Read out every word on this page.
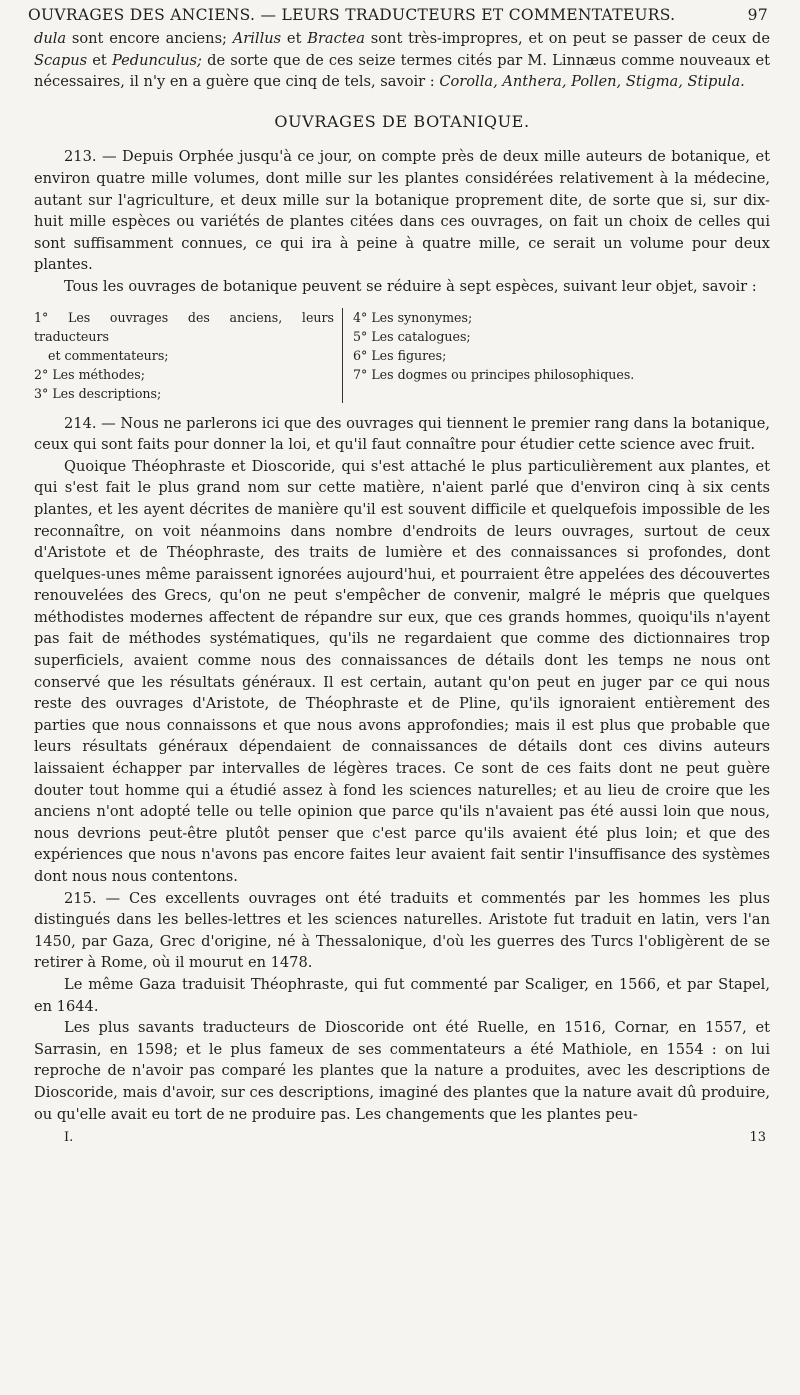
OUVRAGES DES ANCIENS. — LEURS TRADUCTEURS ET COMMENTATEURS.	97

dula sont encore anciens; Arillus et Bractea sont très-impropres, et on peut se passer de ceux de Scapus et Pedunculus; de sorte que de ces seize termes cités par M. Linnæus comme nouveaux et nécessaires, il n'y en a guère que cinq de tels, savoir : Corolla, Anthera, Pollen, Stigma, Stipula.

OUVRAGES DE BOTANIQUE.

213. — Depuis Orphée jusqu'à ce jour, on compte près de deux mille auteurs de botanique, et environ quatre mille volumes, dont mille sur les plantes considérées relativement à la médecine, autant sur l'agriculture, et deux mille sur la botanique proprement dite, de sorte que si, sur dix-huit mille espèces ou variétés de plantes citées dans ces ouvrages, on fait un choix de celles qui sont suffisamment connues, ce qui ira à peine à quatre mille, ce serait un volume pour deux plantes.

Tous les ouvrages de botanique peuvent se réduire à sept espèces, suivant leur objet, savoir :

1° Les ouvrages des anciens, leurs traducteurs
et commentateurs;
2° Les méthodes;
3° Les descriptions;
4° Les synonymes;
5° Les catalogues;
6° Les figures;
7° Les dogmes ou principes philosophiques.

214. — Nous ne parlerons ici que des ouvrages qui tiennent le premier rang dans la botanique, ceux qui sont faits pour donner la loi, et qu'il faut connaître pour étudier cette science avec fruit.

Quoique Théophraste et Dioscoride, qui s'est attaché le plus particulièrement aux plantes, et qui s'est fait le plus grand nom sur cette matière, n'aient parlé que d'environ cinq à six cents plantes, et les ayent décrites de manière qu'il est souvent difficile et quelquefois impossible de les reconnaître, on voit néanmoins dans nombre d'endroits de leurs ouvrages, surtout de ceux d'Aristote et de Théophraste, des traits de lumière et des connaissances si profondes, dont quelques-unes même paraissent ignorées aujourd'hui, et pourraient être appelées des découvertes renouvelées des Grecs, qu'on ne peut s'empêcher de convenir, malgré le mépris que quelques méthodistes modernes affectent de répandre sur eux, que ces grands hommes, quoiqu'ils n'ayent pas fait de méthodes systématiques, qu'ils ne regardaient que comme des dictionnaires trop superficiels, avaient comme nous des connaissances de détails dont les temps ne nous ont conservé que les résultats généraux. Il est certain, autant qu'on peut en juger par ce qui nous reste des ouvrages d'Aristote, de Théophraste et de Pline, qu'ils ignoraient entièrement des parties que nous connaissons et que nous avons approfondies; mais il est plus que probable que leurs résultats généraux dépendaient de connaissances de détails dont ces divins auteurs laissaient échapper par intervalles de légères traces. Ce sont de ces faits dont ne peut guère douter tout homme qui a étudié assez à fond les sciences naturelles; et au lieu de croire que les anciens n'ont adopté telle ou telle opinion que parce qu'ils n'avaient pas été aussi loin que nous, nous devrions peut-être plutôt penser que c'est parce qu'ils avaient été plus loin; et que des expériences que nous n'avons pas encore faites leur avaient fait sentir l'insuffisance des systèmes dont nous nous contentons.

215. — Ces excellents ouvrages ont été traduits et commentés par les hommes les plus distingués dans les belles-lettres et les sciences naturelles. Aristote fut traduit en latin, vers l'an 1450, par Gaza, Grec d'origine, né à Thessalonique, d'où les guerres des Turcs l'obligèrent de se retirer à Rome, où il mourut en 1478.

Le même Gaza traduisit Théophraste, qui fut commenté par Scaliger, en 1566, et par Stapel, en 1644.

Les plus savants traducteurs de Dioscoride ont été Ruelle, en 1516, Cornar, en 1557, et Sarrasin, en 1598; et le plus fameux de ses commentateurs a été Mathiole, en 1554 : on lui reproche de n'avoir pas comparé les plantes que la nature a produites, avec les descriptions de Dioscoride, mais d'avoir, sur ces descriptions, imaginé des plantes que la nature avait dû produire, ou qu'elle avait eu tort de ne produire pas. Les changements que les plantes peu-

I.	13
